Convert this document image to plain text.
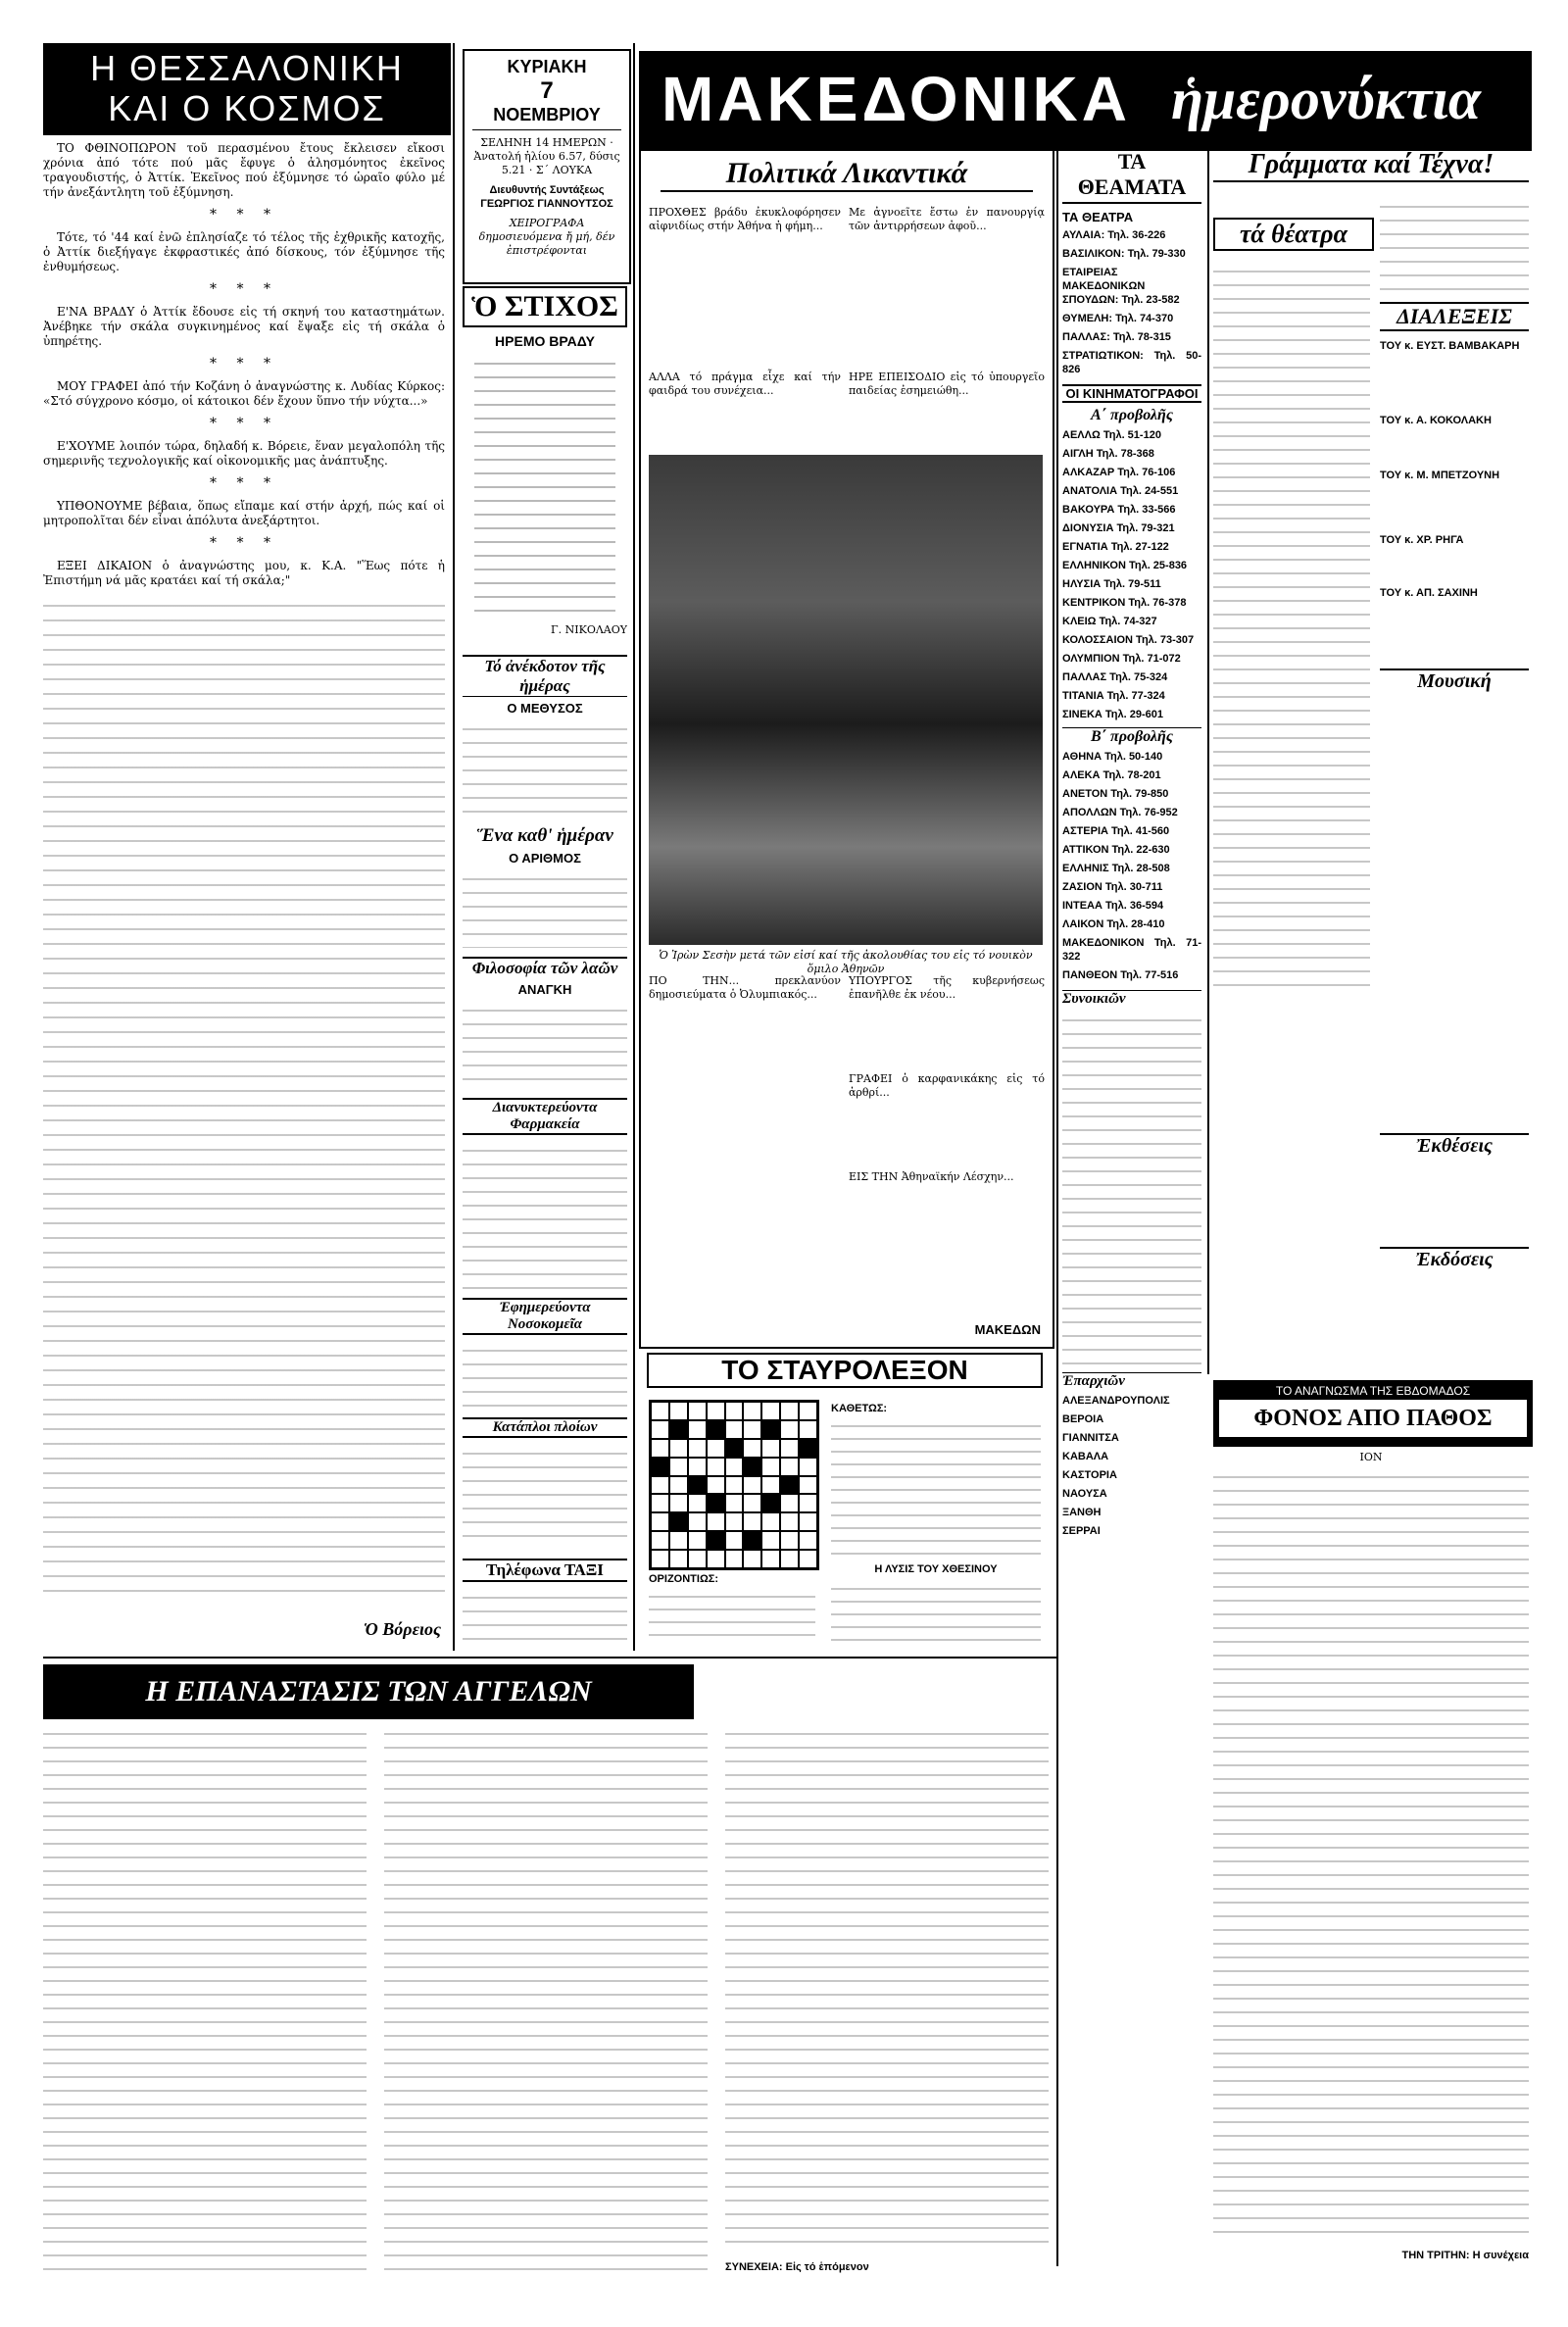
Η ΘΕΣΣΑΛΟΝΙΚΗ
ΚΑΙ Ο ΚΟΣΜΟΣ

ΤΟ ΦΘΙΝΟΠΩΡΟΝ τοῦ περασμένου ἔτους ἔκλεισεν εἴκοσι χρόνια ἀπό τότε πού μᾶς ἔφυγε ὁ ἀλησμόνητος ἐκεῖνος τραγουδιστής, ὁ Ἀττίκ. Ἐκεῖνος πού ἐξύμνησε τό ὡραῖο φύλο μέ τήν ἀνεξάντλητη τοῦ ἐξύμνηση.

* * *

Τότε, τό '44 καί ἐνῶ ἐπλησίαζε τό τέλος τῆς ἐχθρικῆς κατοχῆς, ὁ Ἀττίκ διεξήγαγε ἐκφραστικές ἀπό δίσκους, τόν ἐξύμνησε τῆς ἐνθυμήσεως.

* * *

Ε'ΝΑ ΒΡΑΔΥ ὁ Ἀττίκ ἔδουσε εἰς τή σκηνή του καταστημάτων. Ἀνέβηκε τήν σκάλα συγκινημένος καί ἔψαξε εἰς τή σκάλα ὁ ὑπηρέτης.

* * *

ΜΟΥ ΓΡΑΦΕΙ ἀπό τήν Κοζάνη ὁ ἀναγνώστης κ. Λυδίας Κύρκος: «Στό σύγχρονο κόσμο, οἱ κάτοικοι δέν ἔχουν ὕπνο τήν νύχτα...»

* * *

Ε'ΧΟΥΜΕ λοιπόν τώρα, δηλαδή κ. Βόρειε, ἕναν μεγαλοπόλη τῆς σημερινῆς τεχνολογικῆς καί οἰκονομικῆς μας ἀνάπτυξης.

* * *

ΥΠΘΟΝΟΥΜΕ βέβαια, ὅπως εἴπαμε καί στήν ἀρχή, πώς καί οἱ μητροπολῖται δέν εἶναι ἀπόλυτα ἀνεξάρτητοι.

* * *

ΕΞΕΙ ΔΙΚΑΙΟΝ ὁ ἀναγνώστης μου, κ. Κ.Α. "Ἕως πότε ἡ Ἐπιστήμη νά μᾶς κρατάει καί τή σκάλα;"

Ὁ Βόρειος
ΚΥΡΙΑΚΗ
7
ΝΟΕΜΒΡΙΟΥ
ΣΕΛΗΝΗ 14 ΗΜΕΡΩΝ · Ἀνατολή ἡλίου 6.57, δύσις 5.21 · Σ΄ ΛΟΥΚΑ
Διευθυντής Συντάξεως ΓΕΩΡΓΙΟΣ ΓΙΑΝΝΟΥΤΣΟΣ
ΧΕΙΡΟΓΡΑΦΑ δημοσιευόμενα ἤ μή, δέν ἐπιστρέφονται
Ὁ ΣΤΙΧΟΣ
ΗΡΕΜΟ ΒΡΑΔΥ
Γ. ΝΙΚΟΛΑΟΥ
Τό ἀνέκδοτον τῆς ἡμέρας
Ο ΜΕΘΥΣΟΣ
Ἕνα καθ' ἡμέραν
Ο ΑΡΙΘΜΟΣ
Φιλοσοφία τῶν λαῶν
ΑΝΑΓΚΗ
Διανυκτερεύοντα Φαρμακεία
Ἐφημερεύοντα Νοσοκομεῖα
Κατάπλοι πλοίων
Τηλέφωνα ΤΑΞΙ
ΜΑΚΕΔΟΝΙΚΑ ἡμερονύκτια
Πολιτικά Λικαντικά
ΠΡΟΧΘΕΣ βράδυ ἐκυκλοφόρησεν αἰφνιδίως στήν Ἀθήνα ἡ φήμη...
Με ἀγνοεῖτε ἔστω ἐν πανουργίᾳ τῶν ἀντιρρήσεων ἀφοῦ...
ΑΛΛΑ τό πράγμα εἶχε καί τήν φαιδρά του συνέχεια...
ΗΡΕ ΕΠΕΙΣΟΔΙΟ εἰς τό ὑπουργεῖο παιδείας ἐσημειώθη...
Ὁ Ἰρὼν Σεσὴν μετά τῶν εἰσί καί τῆς ἀκολουθίας του εἰς τό νουικὸν ὅμιλο Ἀθηνῶν
ΠΟ ΤΗΝ... πρεκλανύον δημοσιεύματα ὁ Ὀλυμπιακός...
ΥΠΟΥΡΓΟΣ τῆς κυβερνήσεως ἐπανῆλθε ἐκ νέου...
ΓΡΑΦΕΙ ὁ καρφανικάκης εἰς τό ἀρθρί...
ΕΙΣ ΤΗΝ Ἀθηναϊκήν Λέσχην...
ΜΑΚΕΔΩΝ
ΤΟ ΣΤΑΥΡΟΛΕΞΟΝ
ΟΡΙΖΟΝΤΙΩΣ:
ΚΑΘΕΤΩΣ:
Η ΛΥΣΙΣ ΤΟΥ ΧΘΕΣΙΝΟΥ
ΤΑ ΘΕΑΜΑΤΑ
ΤΑ ΘΕΑΤΡΑ
ΑΥΛΑΙΑ: Τηλ. 36-226
ΒΑΣΙΛΙΚΟΝ: Τηλ. 79-330
ΕΤΑΙΡΕΙΑΣ ΜΑΚΕΔΟΝΙΚΩΝ ΣΠΟΥΔΩΝ: Τηλ. 23-582
ΘΥΜΕΛΗ: Τηλ. 74-370
ΠΑΛΛΑΣ: Τηλ. 78-315
ΣΤΡΑΤΙΩΤΙΚΟΝ: Τηλ. 50-826
ΟΙ ΚΙΝΗΜΑΤΟΓΡΑΦΟΙ
Α΄ προβολῆς
ΑΕΛΛΩ Τηλ. 51-120
ΑΙΓΛΗ Τηλ. 78-368
ΑΛΚΑΖΑΡ Τηλ. 76-106
ΑΝΑΤΟΛΙΑ Τηλ. 24-551
ΒΑΚΟΥΡΑ Τηλ. 33-566
ΔΙΟΝΥΣΙΑ Τηλ. 79-321
ΕΓΝΑΤΙΑ Τηλ. 27-122
ΕΛΛΗΝΙΚΟΝ Τηλ. 25-836
ΗΛΥΣΙΑ Τηλ. 79-511
ΚΕΝΤΡΙΚΟΝ Τηλ. 76-378
ΚΛΕΙΩ Τηλ. 74-327
ΚΟΛΟΣΣΑΙΟΝ Τηλ. 73-307
ΟΛΥΜΠΙΟΝ Τηλ. 71-072
ΠΑΛΛΑΣ Τηλ. 75-324
ΤΙΤΑΝΙΑ Τηλ. 77-324
ΣΙΝΕΚΑ Τηλ. 29-601
Β΄ προβολῆς
ΑΘΗΝΑ Τηλ. 50-140
ΑΛΕΚΑ Τηλ. 78-201
ΑΝΕΤΟΝ Τηλ. 79-850
ΑΠΟΛΛΩΝ Τηλ. 76-952
ΑΣΤΕΡΙΑ Τηλ. 41-560
ΑΤΤΙΚΟΝ Τηλ. 22-630
ΕΛΛΗΝΙΣ Τηλ. 28-508
ΖΑΣΙΟΝ Τηλ. 30-711
ΙΝΤΕΑΑ Τηλ. 36-594
ΛΑΙΚΟΝ Τηλ. 28-410
ΜΑΚΕΔΟΝΙΚΟΝ Τηλ. 71-322
ΠΑΝΘΕΟΝ Τηλ. 77-516
Συνοικιῶν
Ἐπαρχιῶν
ΑΛΕΞΑΝΔΡΟΥΠΟΛΙΣ
ΒΕΡΟΙΑ
ΓΙΑΝΝΙΤΣΑ
ΚΑΒΑΛΑ
ΚΑΣΤΟΡΙΑ
ΝΑΟΥΣΑ
ΞΑΝΘΗ
ΣΕΡΡΑΙ
Γράμματα καί Τέχνα!
τά θέατρα
ΔΙΑΛΕΞΕΙΣ
ΤΟΥ κ. ΕΥΣΤ. ΒΑΜΒΑΚΑΡΗ
ΤΟΥ κ. Α. ΚΟΚΟΛΑΚΗ
ΤΟΥ κ. Μ. ΜΠΕΤΖΟΥΝΗ
ΤΟΥ κ. ΧΡ. ΡΗΓΑ
ΤΟΥ κ. ΑΠ. ΣΑΧΙΝΗ
Μουσική
Ἐκθέσεις
Ἐκδόσεις
ΤΟ ΑΝΑΓΝΩΣΜΑ ΤΗΣ ΕΒΔΟΜΑΔΟΣ
ΦΟΝΟΣ ΑΠΟ ΠΑΘΟΣ
ΙΟΝ
ΤΗΝ ΤΡΙΤΗΝ: Η συνέχεια
Η ΕΠΑΝΑΣΤΑΣΙΣ ΤΩΝ ΑΓΓΕΛΩΝ
ΣΥΝΕΧΕΙΑ: Εἰς τό ἑπόμενον
